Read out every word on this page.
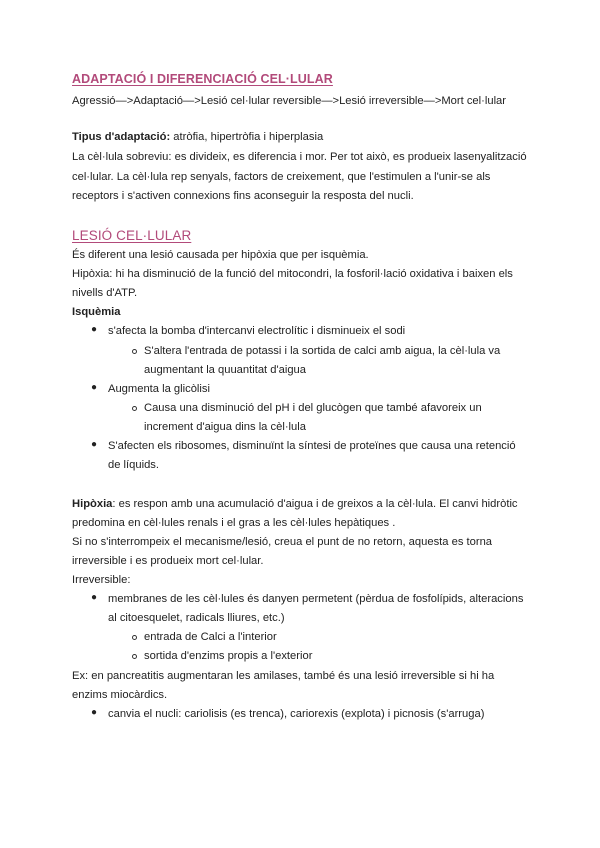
ADAPTACIÓ I DIFERENCIACIÓ CEL·LULAR
Agressió—>Adaptació—>Lesió cel·lular reversible—>Lesió irreversible—>Mort cel·lular
Tipus d'adaptació: atròfia, hipertròfia i hiperplasia
La cèl·lula sobreviu: es divideix, es diferencia i mor. Per tot això, es produeix lasenyalització
cel·lular. La cèl·lula rep senyals, factors de creixement, que l'estimulen a l'unir-se als
receptors i s'activen connexions fins aconseguir la resposta del nucli.
LESIÓ CEL·LULAR
És diferent una lesió causada per hipòxia que per isquèmia.
Hipòxia: hi ha disminució de la funció del mitocondri, la fosforil·lació oxidativa i baixen els
nivells d'ATP.
Isquèmia
● s'afecta la bomba d'intercanvi electrolític i disminueix el sodi
S'altera l'entrada de potassi i la sortida de calci amb aigua, la cèl·lula va
augmentant la quuantitat d'aigua
● Augmenta la glicòlisi
Causa una disminució del pH i del glucògen que també afavoreix un
increment d'aigua dins la cèl·lula
● S'afecten els ribosomes, disminuïnt la síntesi de proteïnes que causa una retenció
de líquids.
Hipòxia: es respon amb una acumulació d'aigua i de greixos a la cèl·lula. El canvi hidròtic
predomina en cèl·lules renals i el gras a les cèl·lules hepàtiques .
Si no s'interrompeix el mecanisme/lesió, creua el punt de no retorn, aquesta es torna
irreversible i es produeix mort cel·lular.
Irreversible:
● membranes de les cèl·lules és danyen permetent (pèrdua de fosfolípids, alteracions
al citoesquelet, radicals lliures, etc.)
entrada de Calci a l'interior
sortida d'enzims propis a l'exterior
Ex: en pancreatitis augmentaran les amilases, també és una lesió irreversible si hi ha
enzims miocàrdics.
● canvia el nucli: cariolisis (es trenca), cariorexis (explota) i picnosis (s'arruga)
